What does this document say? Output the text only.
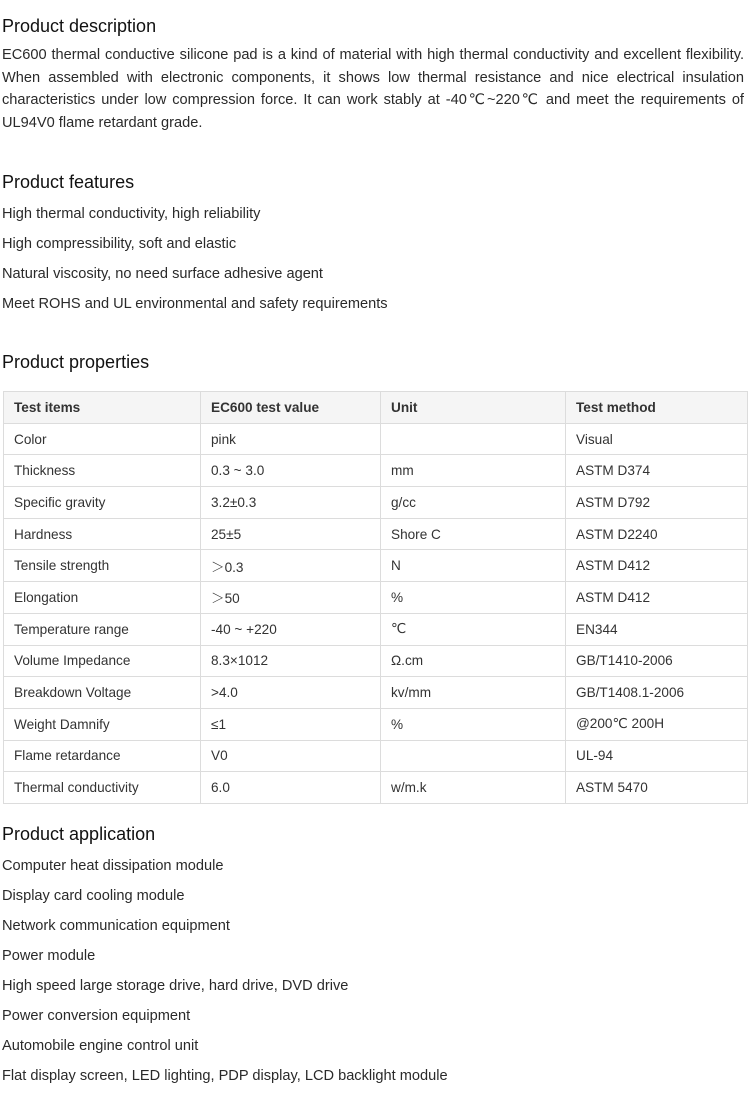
Product description
EC600 thermal conductive silicone pad is a kind of material with high thermal conductivity and excellent flexibility. When assembled with electronic components, it shows low thermal resistance and nice electrical insulation characteristics under low compression force. It can work stably at -40℃~220℃ and meet the requirements of UL94V0 flame retardant grade.
Product features
High thermal conductivity, high reliability
High compressibility, soft and elastic
Natural viscosity, no need surface adhesive agent
Meet ROHS and UL environmental and safety requirements
Product properties
Test items	EC600 test value	Unit	Test method
Color	pink		Visual
Thickness	0.3 ~ 3.0	mm	ASTM D374
Specific gravity	3.2±0.3	g/cc	ASTM D792
Hardness	25±5	Shore C	ASTM D2240
Tensile strength	＞0.3	N	ASTM D412
Elongation	＞50	%	ASTM D412
Temperature range	-40 ~ +220	℃	EN344
Volume Impedance	8.3×1012	Ω.cm	GB/T1410-2006
Breakdown Voltage	>4.0	kv/mm	GB/T1408.1-2006
Weight Damnify	≤1	%	@200℃ 200H
Flame retardance	V0		UL-94
Thermal conductivity	6.0	w/m.k	ASTM 5470
Product application
Computer heat dissipation module
Display card cooling module
Network communication equipment
Power module
High speed large storage drive, hard drive, DVD drive
Power conversion equipment
Automobile engine control unit
Flat display screen, LED lighting, PDP display, LCD backlight module
